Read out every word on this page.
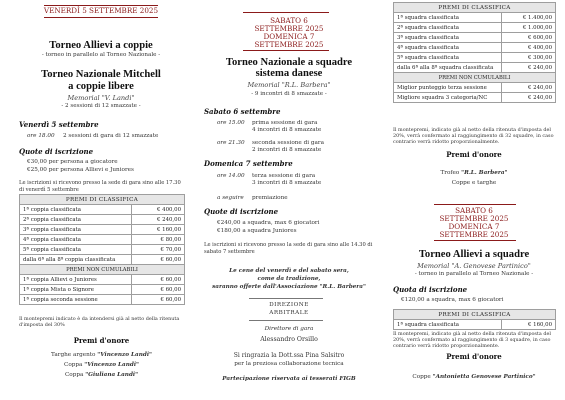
VENERDÌ 5 SETTEMBRE 2025
Torneo Allievi a coppie
- torneo in parallelo al Torneo Nazionale -
Torneo Nazionale Mitchell
a coppie libere
Memorial "V. Landi"
- 2 sessioni di 12 smazzate -
Venerdì 5 settembre
ore 18.00 2 sessioni di gara di 12 smazzate
Quote di iscrizione
€30,00 per persona a giocatore
€25,00 per persona Allievi e Juniores
Le iscrizioni si ricevono presso la sede di gara sino alle 17.30 di venerdì 5 settembre
PREMI DI CLASSIFICA	
1ª coppia classificata	€ 400,00
2ª coppia classificata	€ 240,00
3ª coppia classificata	€ 160,00
4ª coppia classificata	€ 80,00
5ª coppia classificata	€ 70,00
dalla 6ª alla 8ª coppia classificata	€ 60,00
PREMI NON CUMULABILI	
1ª coppia Allievi o Juniores	€ 60,00
1ª coppia Mista o Signore	€ 60,00
1ª coppia seconda sessione	€ 60,00
Il montepremi indicato è da intendersi già al netto della ritenuta d'imposta del 30%
Premi d'onore
Targhe argento "Vincenzo Landi"
Coppa "Vincenzo Landi"
Coppa "Giuliana Landi"
SABATO 6
SETTEMBRE 2025
DOMENICA 7
SETTEMBRE 2025
Torneo Nazionale a squadre
sistema danese
Memorial "R.L. Barbera"
- 9 incontri di 8 smazzate -
Sabato 6 settembre
ore 15.00 prima sessione di gara
4 incontri di 8 smazzate
ore 21.30 seconda sessione di gara
2 incontri di 8 smazzate
Domenica 7 settembre
ore 14.00 terza sessione di gara
3 incontri di 8 smazzate
a seguire premiazione
Quote di iscrizione
€240,00 a squadra, max 6 giocatori
€180,00 a squadra Juniores
Le iscrizioni si ricevono presso la sede di gara sino alle 14.30 di sabato 7 settembre
Le cene del venerdì e del sabato sera,
come da tradizione,
saranno offerte dall'Associazione "R.L. Barbera"
DIREZIONE
ARBITRALE
Direttore di gara
Alessandro Orsillo
Si ringrazia la Dott.ssa Pina Salsitro
per la preziosa collaborazione tecnica
Partecipazione riservata ai tesserati FIGB
PREMI DI CLASSIFICA	
1ª squadra classificata	€ 1.400,00
2ª squadra classificata	€ 1.000,00
3ª squadra classificata	€ 600,00
4ª squadra classificata	€ 400,00
5ª squadra classificata	€ 300,00
dalla 6ª alla 8ª squadra classificata	€ 240,00
PREMI NON CUMULABILI	
Miglior punteggio terza sessione	€ 240,00
Migliore squadra 3 categoria/NC	€ 240,00
Il montepremi, indicato già al netto della ritenuta d'imposta del 20%, verrà confermato al raggiungimento di 32 squadre, in caso contrario verrà ridotto proporzionalmente.
Premi d'onore
Trofeo "R.L. Barbera"
Coppe e targhe
SABATO 6
SETTEMBRE 2025
DOMENICA 7
SETTEMBRE 2025
Torneo Allievi a squadre
Memorial "A. Genovese Partinico"
- torneo in parallelo al Torneo Nazionale -
Quota di iscrizione
€120,00 a squadra, max 6 giocatori
PREMI DI CLASSIFICA
1ª squadra classificata	€ 160,00
Il montepremi, indicato già al netto della ritenuta d'imposta del 20%, verrà confermato al raggiungimento di 3 squadre, in caso contrario verrà ridotto proporzionalmente.
Premi d'onore
Coppe "Antonietta Genovese Partinico"
